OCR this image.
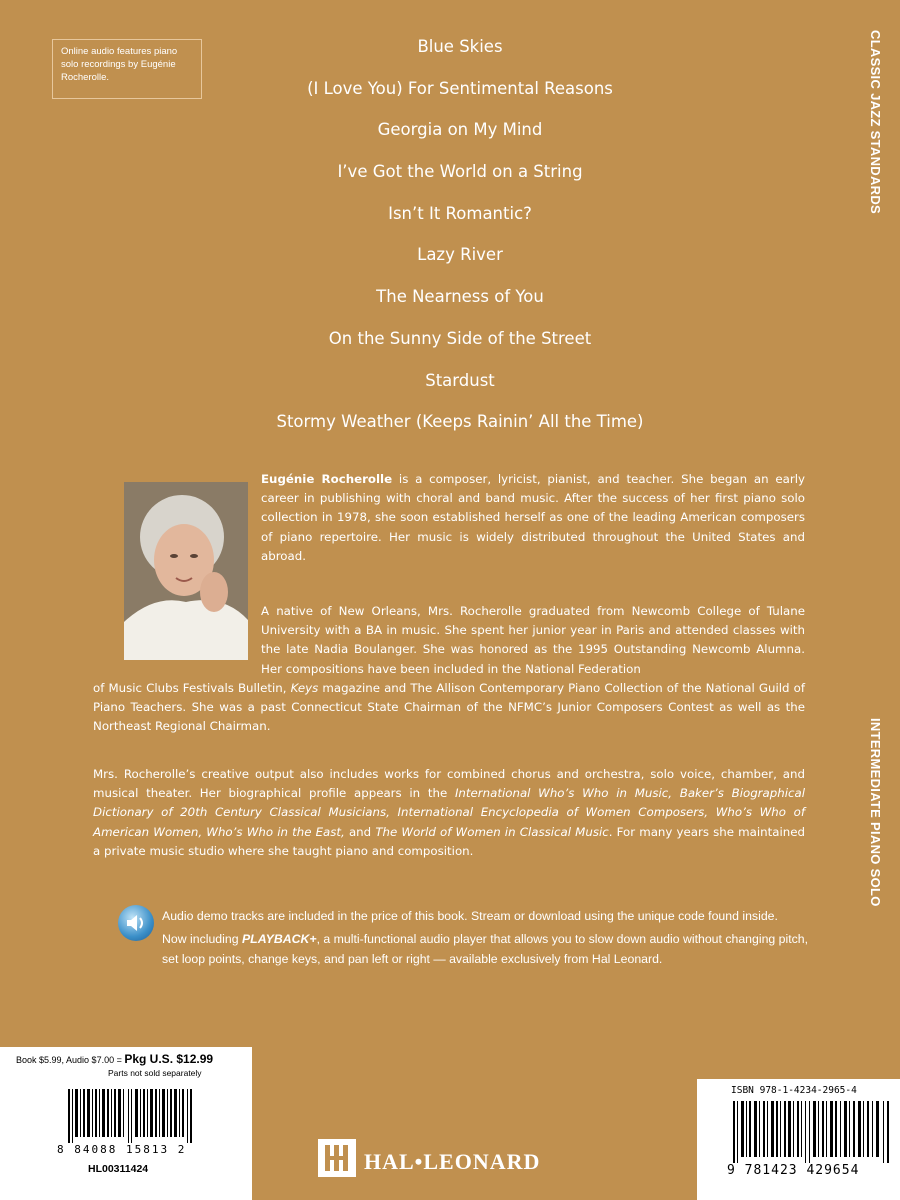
Online audio features piano solo recordings by Eugénie Rocherolle.
Blue Skies
(I Love You) For Sentimental Reasons
Georgia on My Mind
I’ve Got the World on a String
Isn’t It Romantic?
Lazy River
The Nearness of You
On the Sunny Side of the Street
Stardust
Stormy Weather (Keeps Rainin’ All the Time)
CLASSIC JAZZ STANDARDS
INTERMEDIATE PIANO SOLO

Eugénie Rocherolle is a composer, lyricist, pianist, and teacher. She began an early career in publishing with choral and band music. After the success of her first piano solo collection in 1978, she soon established herself as one of the leading American composers of piano repertoire. Her music is widely distributed throughout the United States and abroad.

A native of New Orleans, Mrs. Rocherolle graduated from Newcomb College of Tulane University with a BA in music. She spent her junior year in Paris and attended classes with the late Nadia Boulanger. She was honored as the 1995 Outstanding Newcomb Alumna. Her compositions have been included in the National Federation

of Music Clubs Festivals Bulletin, Keys magazine and The Allison Contemporary Piano Collection of the National Guild of Piano Teachers. She was a past Connecticut State Chairman of the NFMC’s Junior Composers Contest as well as the Northeast Regional Chairman.

Mrs. Rocherolle’s creative output also includes works for combined chorus and orchestra, solo voice, chamber, and musical theater. Her biographical profile appears in the International Who’s Who in Music, Baker’s Biographical Dictionary of 20th Century Classical Musicians, International Encyclopedia of Women Composers, Who’s Who of American Women, Who’s Who in the East, and The World of Women in Classical Music. For many years she maintained a private music studio where she taught piano and composition.

Audio demo tracks are included in the price of this book. Stream or download using the unique code found inside.

Now including PLAYBACK+, a multi-functional audio player that allows you to slow down audio without changing pitch, set loop points, change keys, and pan left or right — available exclusively from Hal Leonard.

Book $5.99, Audio $7.00 = Pkg U.S. $12.99
Parts not sold separately
8 84088 15813 2
HL00311424	HAL•LEONARD
ISBN 978-1-4234-2965-4
9 781423 429654
